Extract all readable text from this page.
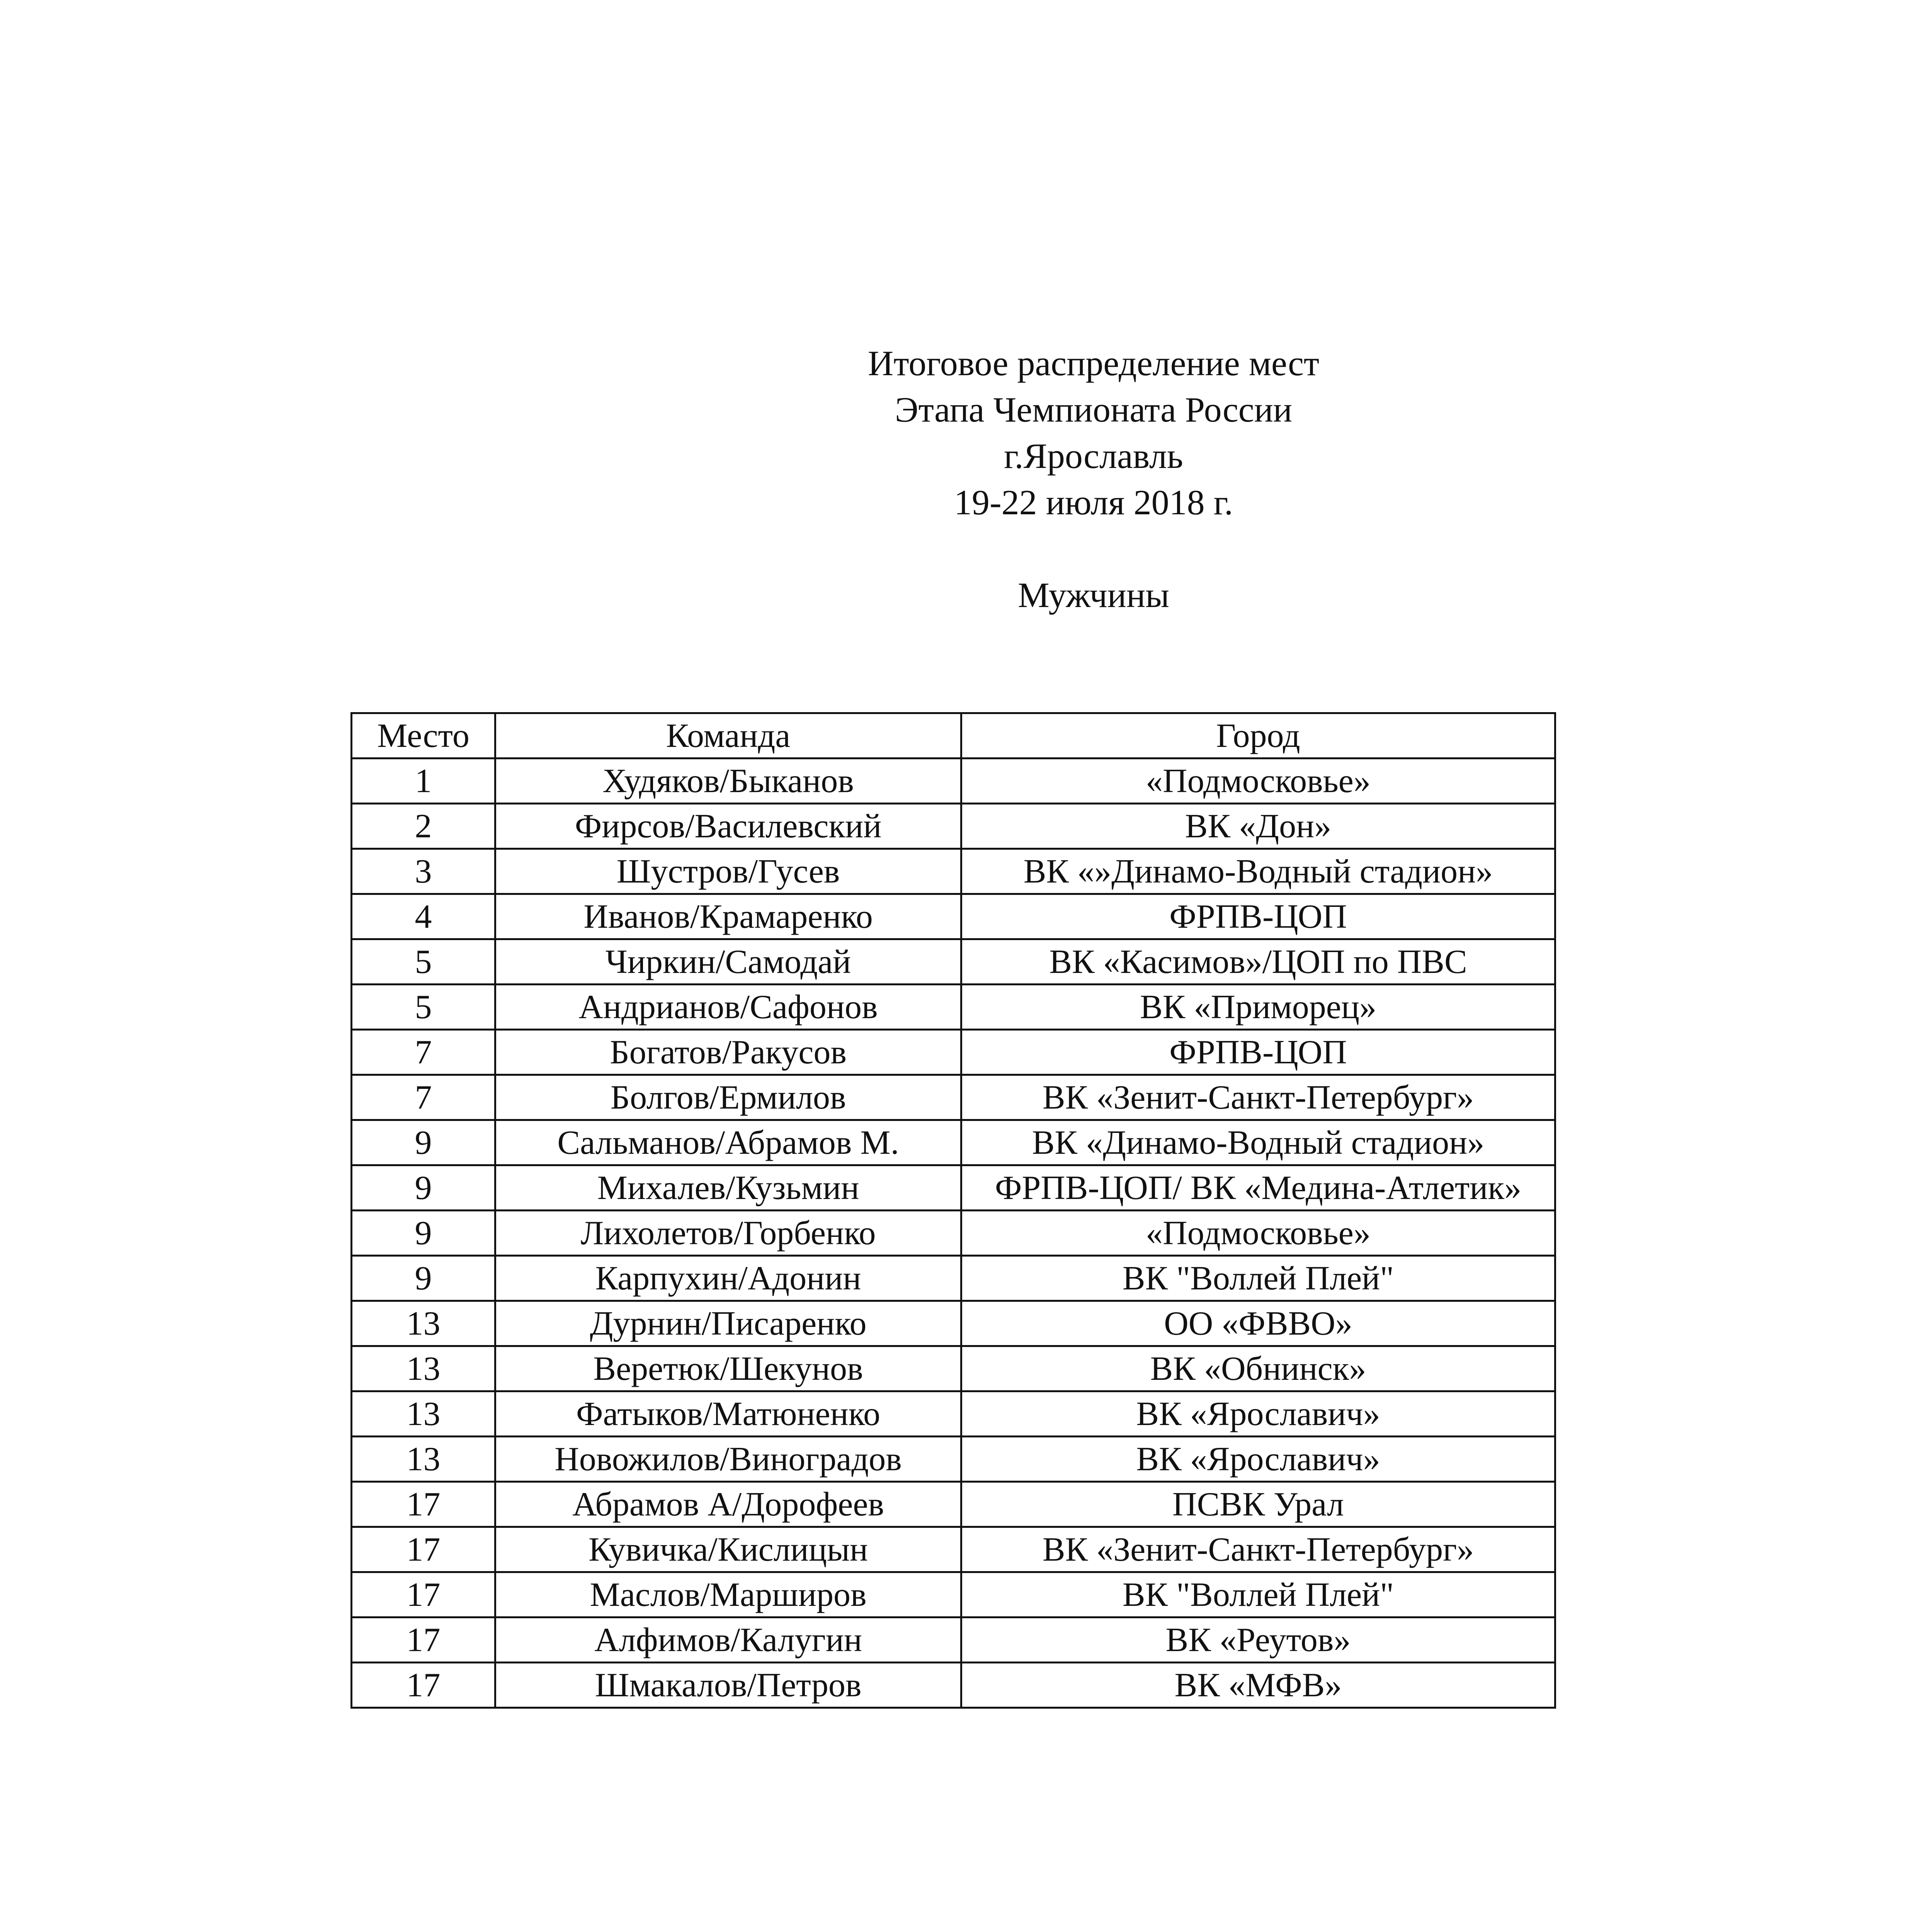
Итоговое распределение мест
Этапа Чемпионата России
г.Ярославль
19-22 июля 2018 г.
Мужчины
Место	Команда	Город
1	Худяков/Быканов	«Подмосковье»
2	Фирсов/Василевский	ВК «Дон»
3	Шустров/Гусев	ВК «»Динамо-Водный стадион»
4	Иванов/Крамаренко	ФРПВ-ЦОП
5	Чиркин/Самодай	ВК «Касимов»/ЦОП по ПВС
5	Андрианов/Сафонов	ВК «Приморец»
7	Богатов/Ракусов	ФРПВ-ЦОП
7	Болгов/Ермилов	ВК «Зенит-Санкт-Петербург»
9	Сальманов/Абрамов М.	ВК «Динамо-Водный стадион»
9	Михалев/Кузьмин	ФРПВ-ЦОП/ ВК «Медина-Атлетик»
9	Лихолетов/Горбенко	«Подмосковье»
9	Карпухин/Адонин	ВК "Воллей Плей"
13	Дурнин/Писаренко	ОО «ФВВО»
13	Веретюк/Шекунов	ВК «Обнинск»
13	Фатыков/Матюненко	ВК «Ярославич»
13	Новожилов/Виноградов	ВК «Ярославич»
17	Абрамов А/Дорофеев	ПСВК Урал
17	Кувичка/Кислицын	ВК «Зенит-Санкт-Петербург»
17	Маслов/Марширов	ВК "Воллей Плей"
17	Алфимов/Калугин	ВК «Реутов»
17	Шмакалов/Петров	ВК «МФВ»
